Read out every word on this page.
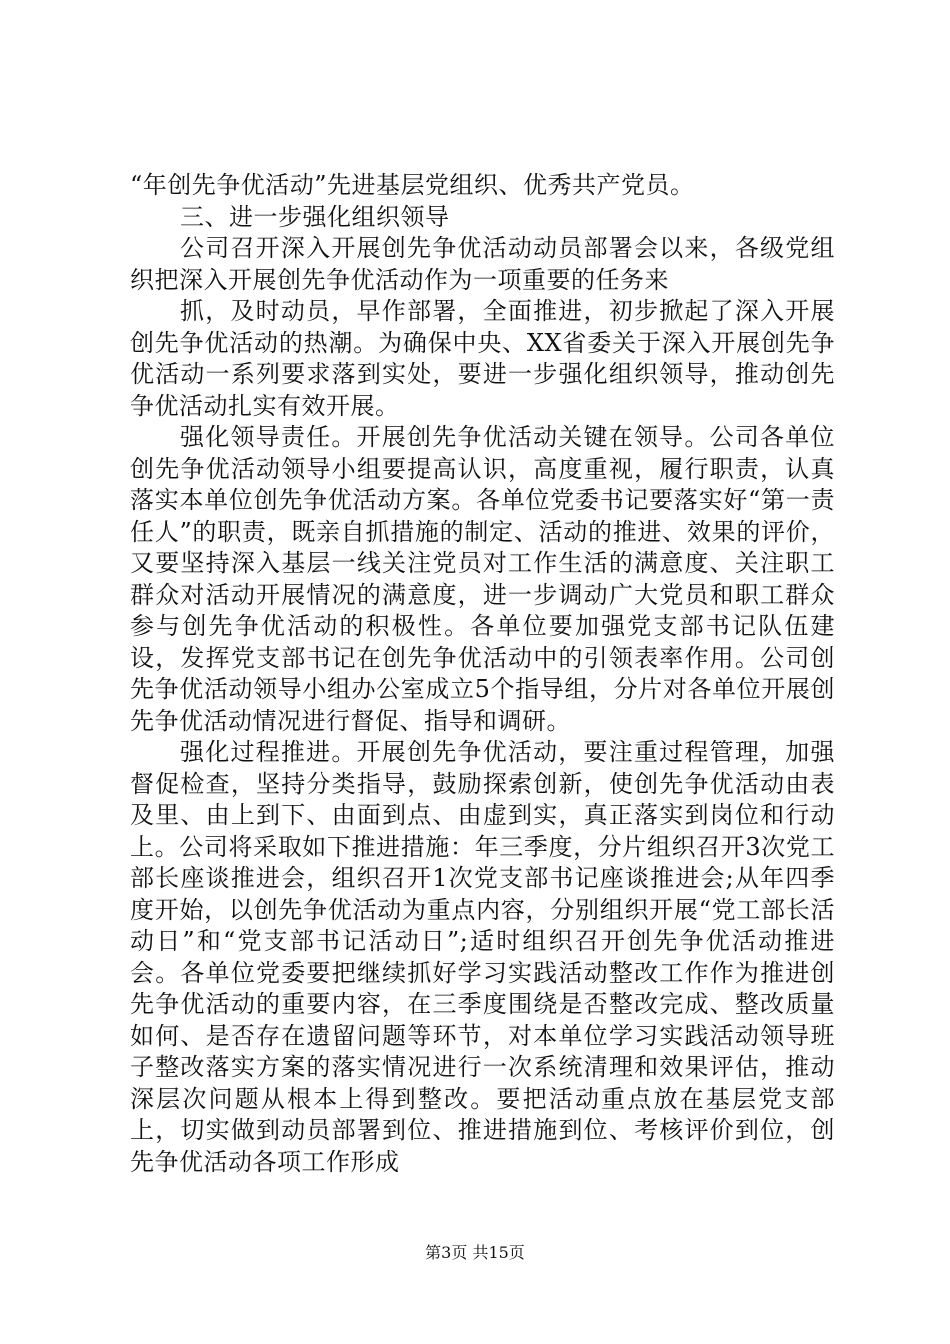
“年创先争优活动”先进基层党组织、优秀共产党员。

三、进一步强化组织领导

公司召开深入开展创先争优活动动员部署会以来，各级党组织把深入开展创先争优活动作为一项重要的任务来

抓，及时动员，早作部署，全面推进，初步掀起了深入开展创先争优活动的热潮。为确保中央、XX省委关于深入开展创先争优活动一系列要求落到实处，要进一步强化组织领导，推动创先争优活动扎实有效开展。

强化领导责任。开展创先争优活动关键在领导。公司各单位创先争优活动领导小组要提高认识，高度重视，履行职责，认真落实本单位创先争优活动方案。各单位党委书记要落实好“第一责任人”的职责，既亲自抓措施的制定、活动的推进、效果的评价，又要坚持深入基层一线关注党员对工作生活的满意度、关注职工群众对活动开展情况的满意度，进一步调动广大党员和职工群众参与创先争优活动的积极性。各单位要加强党支部书记队伍建设，发挥党支部书记在创先争优活动中的引领表率作用。公司创先争优活动领导小组办公室成立5个指导组，分片对各单位开展创先争优活动情况进行督促、指导和调研。

强化过程推进。开展创先争优活动，要注重过程管理，加强督促检查，坚持分类指导，鼓励探索创新，使创先争优活动由表及里、由上到下、由面到点、由虚到实，真正落实到岗位和行动上。公司将采取如下推进措施：年三季度，分片组织召开3次党工部长座谈推进会，组织召开1次党支部书记座谈推进会;从年四季度开始，以创先争优活动为重点内容，分别组织开展“党工部长活动日”和“党支部书记活动日”;适时组织召开创先争优活动推进会。各单位党委要把继续抓好学习实践活动整改工作作为推进创先争优活动的重要内容，在三季度围绕是否整改完成、整改质量如何、是否存在遗留问题等环节，对本单位学习实践活动领导班子整改落实方案的落实情况进行一次系统清理和效果评估，推动深层次问题从根本上得到整改。要把活动重点放在基层党支部上，切实做到动员部署到位、推进措施到位、考核评价到位，创先争优活动各项工作形成

第3页 共15页
